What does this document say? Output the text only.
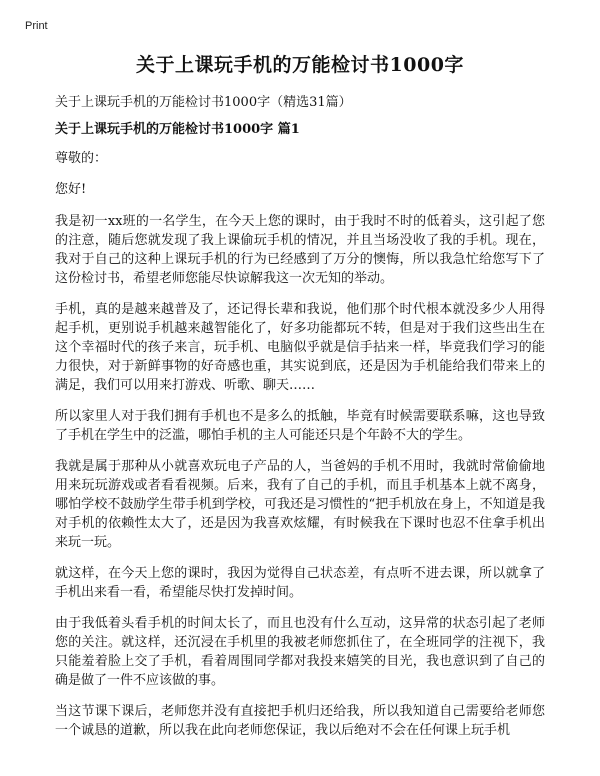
Print
关于上课玩手机的万能检讨书1000字

关于上课玩手机的万能检讨书1000字（精选31篇）

关于上课玩手机的万能检讨书1000字 篇1

尊敬的：

您好!

我是初一xx班的一名学生，在今天上您的课时，由于我时不时的低着头，这引起了您的注意，随后您就发现了我上课偷玩手机的情况，并且当场没收了我的手机。现在，我对于自己的这种上课玩手机的行为已经感到了万分的懊悔，所以我急忙给您写下了这份检讨书，希望老师您能尽快谅解我这一次无知的举动。

手机，真的是越来越普及了，还记得长辈和我说，他们那个时代根本就没多少人用得起手机，更别说手机越来越智能化了，好多功能都玩不转，但是对于我们这些出生在这个幸福时代的孩子来言，玩手机、电脑似乎就是信手拈来一样，毕竟我们学习的能力很快，对于新鲜事物的好奇感也重，其实说到底，还是因为手机能给我们带来上的满足，我们可以用来打游戏、听歌、聊天……

所以家里人对于我们拥有手机也不是多么的抵触，毕竟有时候需要联系嘛，这也导致了手机在学生中的泛滥，哪怕手机的主人可能还只是个年龄不大的学生。

我就是属于那种从小就喜欢玩电子产品的人，当爸妈的手机不用时，我就时常偷偷地用来玩玩游戏或者看看视频。后来，我有了自己的手机，而且手机基本上就不离身，哪怕学校不鼓励学生带手机到学校，可我还是习惯性的“把手机放在身上，不知道是我对手机的依赖性太大了，还是因为我喜欢炫耀，有时候我在下课时也忍不住拿手机出来玩一玩。

就这样，在今天上您的课时，我因为觉得自己状态差，有点听不进去课，所以就拿了手机出来看一看，希望能尽快打发掉时间。

由于我低着头看手机的时间太长了，而且也没有什么互动，这异常的状态引起了老师您的关注。就这样，还沉浸在手机里的我被老师您抓住了，在全班同学的注视下，我只能羞着脸上交了手机，看着周围同学都对我投来嬉笑的目光，我也意识到了自己的确是做了一件不应该做的事。

当这节课下课后，老师您并没有直接把手机归还给我，所以我知道自己需要给老师您一个诚恳的道歉，所以我在此向老师您保证，我以后绝对不会在任何课上玩手机
